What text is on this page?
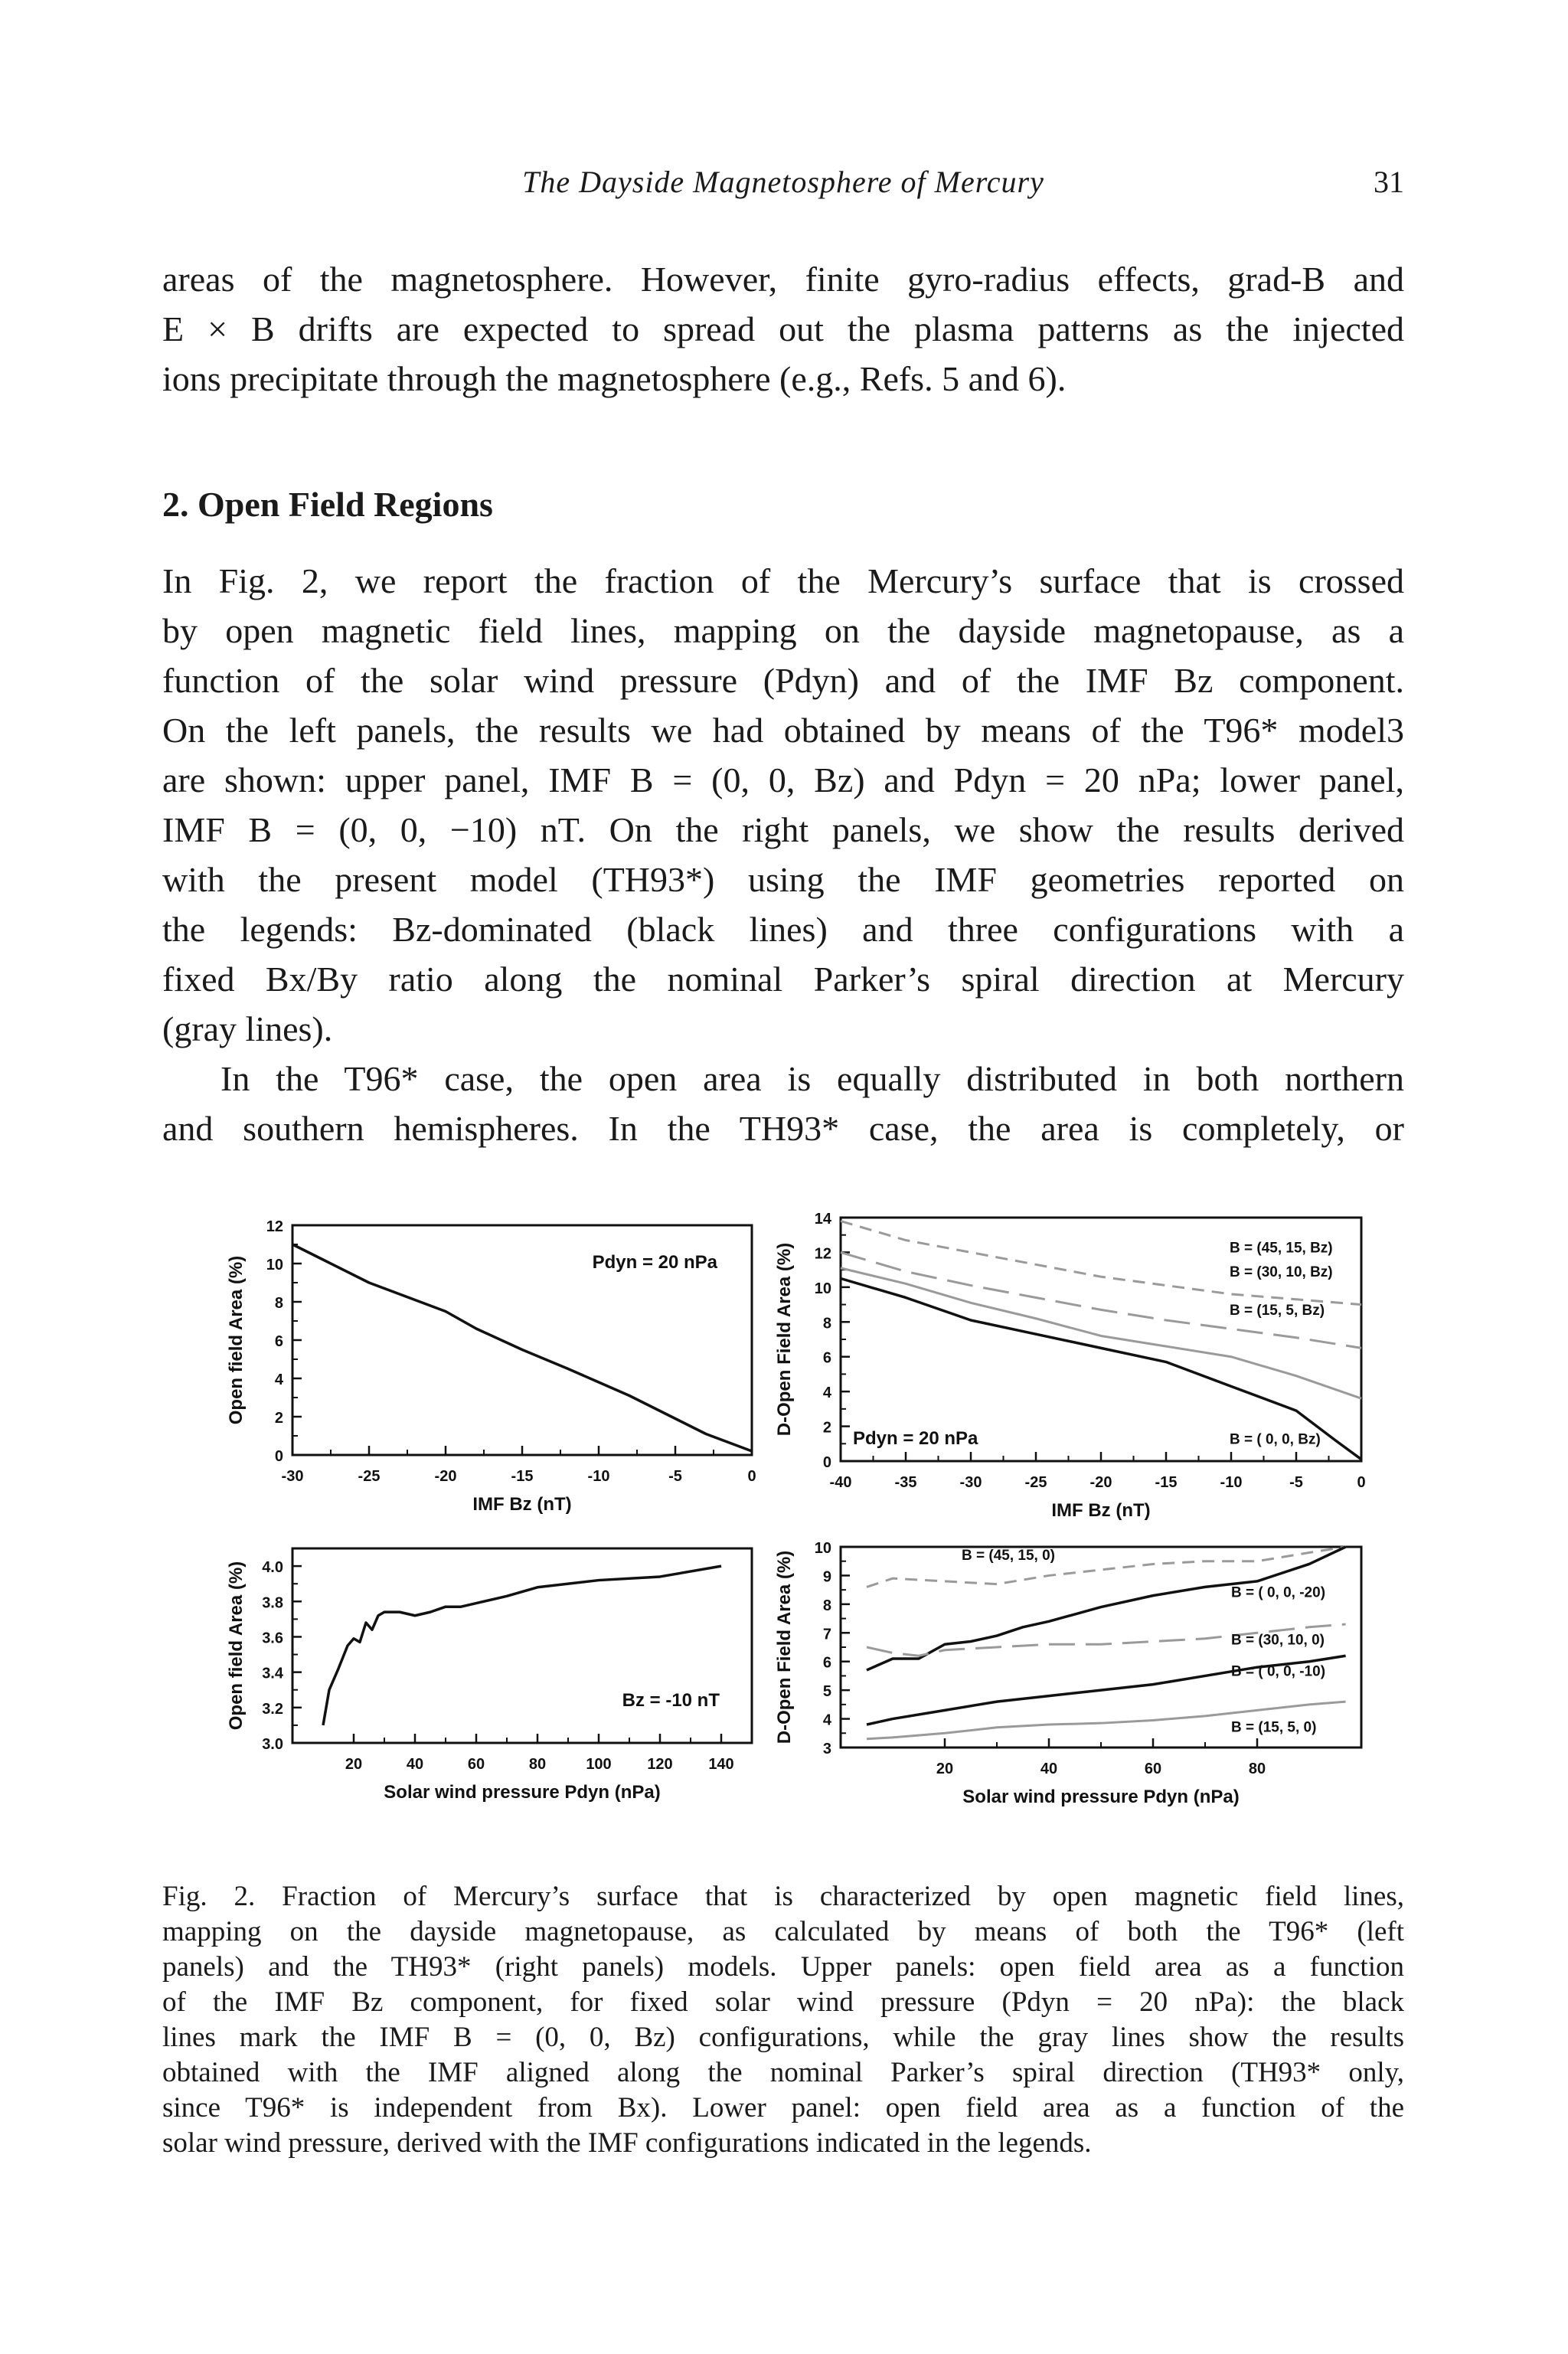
The Dayside Magnetosphere of Mercury	31
areas of the magnetosphere. However, finite gyro-radius effects, grad-B and
E × B drifts are expected to spread out the plasma patterns as the injected
ions precipitate through the magnetosphere (e.g., Refs. 5 and 6).
2. Open Field Regions
In Fig. 2, we report the fraction of the Mercury’s surface that is crossed
by open magnetic field lines, mapping on the dayside magnetopause, as a
function of the solar wind pressure (Pdyn) and of the IMF Bz component.
On the left panels, the results we had obtained by means of the T96* model3
are shown: upper panel, IMF B = (0, 0, Bz) and Pdyn = 20 nPa; lower panel,
IMF B = (0, 0, −10) nT. On the right panels, we show the results derived
with the present model (TH93*) using the IMF geometries reported on
the legends: Bz-dominated (black lines) and three configurations with a
fixed Bx/By ratio along the nominal Parker’s spiral direction at Mercury
(gray lines).
In the T96* case, the open area is equally distributed in both northern
and southern hemispheres. In the TH93* case, the area is completely, or
0
2
4
6
8
10
12
-30	-25	-20	-15	-10	-5	0
IMF Bz (nT)
Open field Area (%)	Pdyn = 20 nPa
0
2
4
6
8
10
12
14
-40	-35	-30	-25	-20	-15	-10	-5	0
IMF Bz (nT)
D-Open Field Area (%)
Pdyn = 20 nPa
B = (45, 15, Bz)
B = (30, 10, Bz)
B = (15, 5, Bz)
B = ( 0, 0, Bz)
3.0
3.2
3.4
3.6
3.8
4.0
20	40	60	80	100 120 140
Solar wind pressure Pdyn (nPa)
Open field Area (%)	Bz = -10 nT
3
4
5
6
7
8
9
10
20	40	60	80
Solar wind pressure Pdyn (nPa)
D-Open Field Area (%)	B = (45, 15, 0)
B = ( 0, 0, -20)
B = (30, 10, 0)
B = ( 0, 0, -10)
B = (15, 5, 0)
Fig. 2. Fraction of Mercury’s surface that is characterized by open magnetic field lines,
mapping on the dayside magnetopause, as calculated by means of both the T96* (left
panels) and the TH93* (right panels) models. Upper panels: open field area as a function
of the IMF Bz component, for fixed solar wind pressure (Pdyn = 20 nPa): the black
lines mark the IMF B = (0, 0, Bz) configurations, while the gray lines show the results
obtained with the IMF aligned along the nominal Parker’s spiral direction (TH93* only,
since T96* is independent from Bx). Lower panel: open field area as a function of the
solar wind pressure, derived with the IMF configurations indicated in the legends.
